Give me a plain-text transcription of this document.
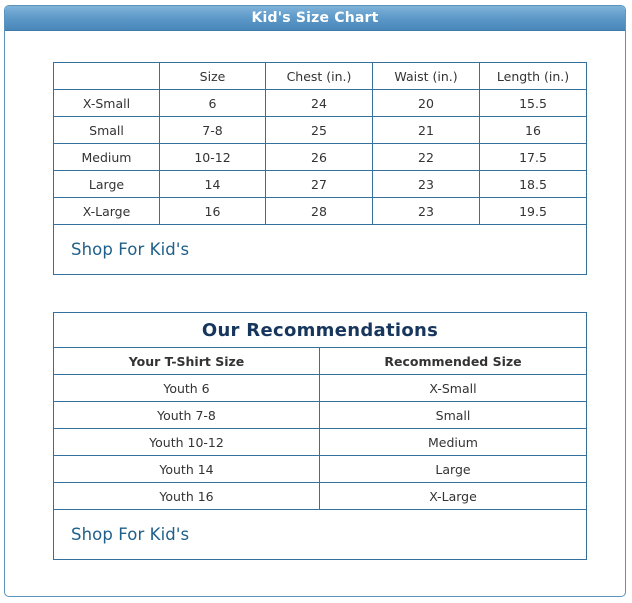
Kid's Size Chart
	Size	Chest (in.)	Waist (in.)	Length (in.)
X-Small	6	24	20	15.5
Small	7-8	25	21	16
Medium	10-12	26	22	17.5
Large	14	27	23	18.5
X-Large	16	28	23	19.5
Shop For Kid's				
Our Recommendations	
Your T-Shirt Size	Recommended Size
Youth 6	X-Small
Youth 7-8	Small
Youth 10-12	Medium
Youth 14	Large
Youth 16	X-Large
Shop For Kid's	
